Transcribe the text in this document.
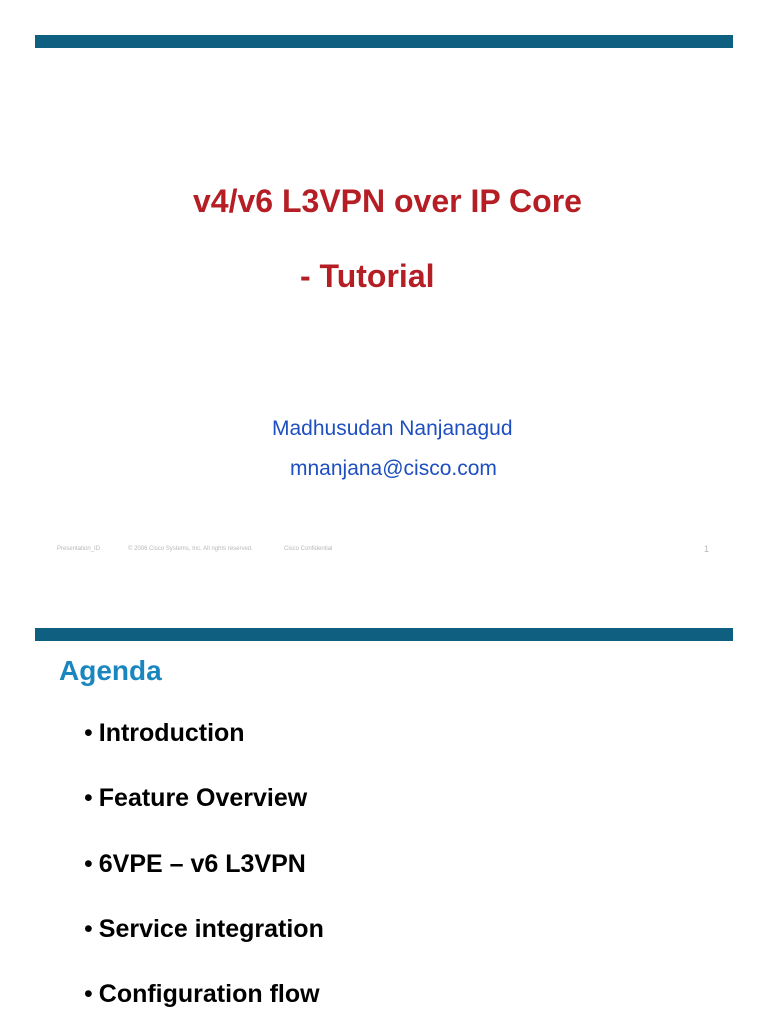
v4/v6 L3VPN over IP Core
- Tutorial
Madhusudan Nanjanagud
mnanjana@cisco.com
Presentation_ID	© 2006 Cisco Systems, Inc. All rights reserved.	Cisco Confidential	1
Agenda
• Introduction
• Feature Overview
• 6VPE – v6 L3VPN
• Service integration
• Configuration flow
